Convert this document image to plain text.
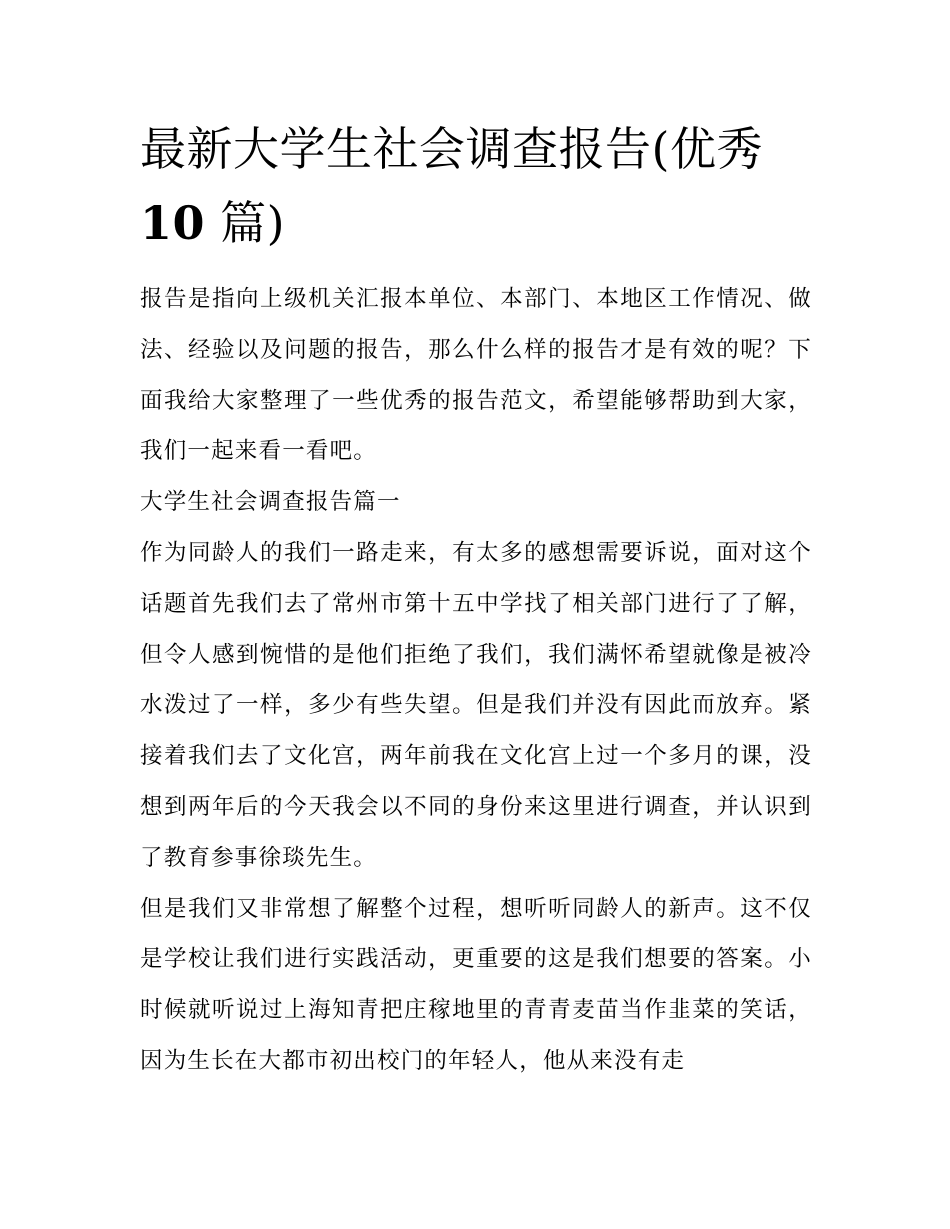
最新大学生社会调查报告(优秀
10 篇)

报告是指向上级机关汇报本单位、本部门、本地区工作情况、做法、经验以及问题的报告，那么什么样的报告才是有效的呢？下面我给大家整理了一些优秀的报告范文，希望能够帮助到大家，我们一起来看一看吧。

大学生社会调查报告篇一

作为同龄人的我们一路走来，有太多的感想需要诉说，面对这个话题首先我们去了常州市第十五中学找了相关部门进行了了解，但令人感到惋惜的是他们拒绝了我们，我们满怀希望就像是被冷水泼过了一样，多少有些失望。但是我们并没有因此而放弃。紧接着我们去了文化宫，两年前我在文化宫上过一个多月的课，没想到两年后的今天我会以不同的身份来这里进行调查，并认识到了教育参事徐琰先生。

但是我们又非常想了解整个过程，想听听同龄人的新声。这不仅是学校让我们进行实践活动，更重要的这是我们想要的答案。小时候就听说过上海知青把庄稼地里的青青麦苗当作韭菜的笑话，因为生长在大都市初出校门的年轻人，他从来没有走
